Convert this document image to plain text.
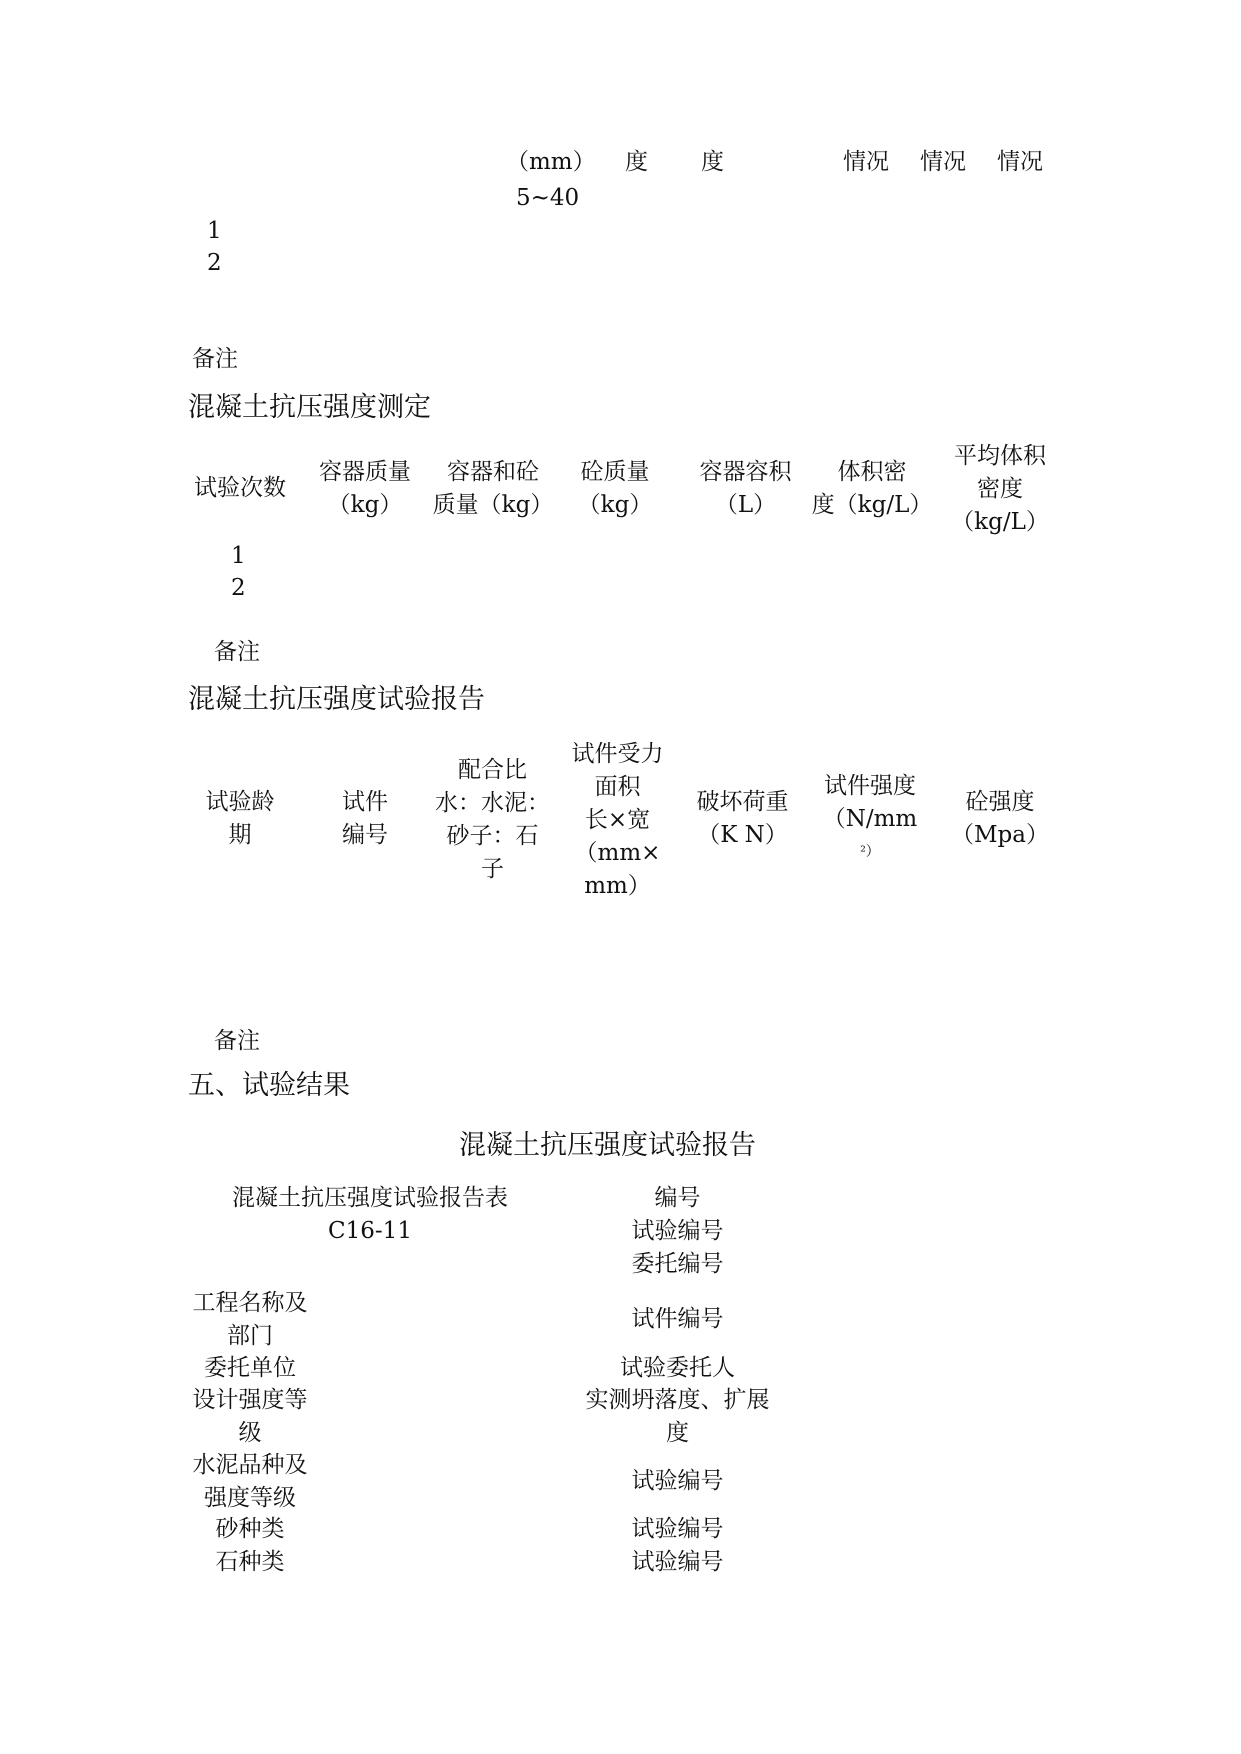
（mm） 度 度	情况 情况 情况
5~40
1
2
备注
混凝土抗压强度测定
试验次数
容器质量
（kg）
容器和砼
质量（kg）
砼质量
（kg）
容器容积
（L）
体积密
度（kg/L）
平均体积
密度
（kg/L）
1
2
备注
混凝土抗压强度试验报告
试验龄
期
试件
编号
配合比
水：水泥：
砂子：石
子
试件受力
面积
长×宽
（mm×
mm）
破坏荷重
（K N）
试件强度
（N/mm
²）
砼强度
（Mpa）
备注
五、试验结果
混凝土抗压强度试验报告
混凝土抗压强度试验报告表
C16-11
编号
试验编号
委托编号
工程名称及
部门
委托单位
设计强度等
级
水泥品种及
强度等级
砂种类
石种类
试件编号
试验委托人
实测坍落度、扩展
度
试验编号
试验编号
试验编号
